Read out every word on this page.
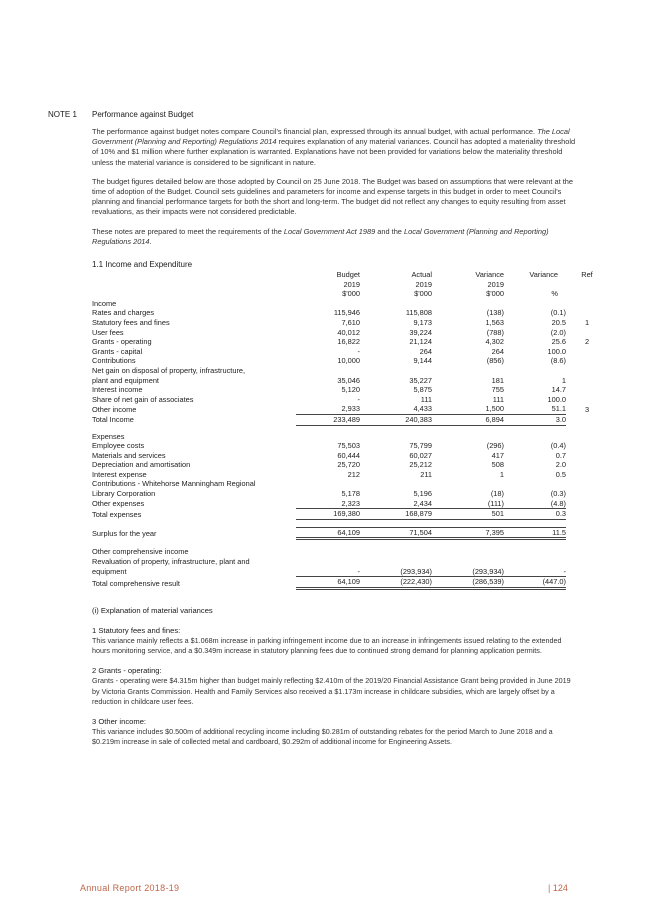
NOTE 1 Performance against Budget

The performance against budget notes compare Council's financial plan, expressed through its annual budget, with actual performance. The Local Government (Planning and Reporting) Regulations 2014 requires explanation of any material variances. Council has adopted a materiality threshold of 10% and $1 million where further explanation is warranted. Explanations have not been provided for variations below the materiality threshold unless the material variance is considered to be significant in nature.

The budget figures detailed below are those adopted by Council on 25 June 2018. The Budget was based on assumptions that were relevant at the time of adoption of the Budget. Council sets guidelines and parameters for income and expense targets in this budget in order to meet Council's planning and financial performance targets for both the short and long-term. The budget did not reflect any changes to equity resulting from asset revaluations, as their impacts were not considered predictable.

These notes are prepared to meet the requirements of the Local Government Act 1989 and the Local Government (Planning and Reporting) Regulations 2014.

1.1 Income and Expenditure
	Budget	Actual	Variance	Variance	Ref
	2019	2019	2019		
	$'000	$'000	$'000	%	
Income					
Rates and charges	115,946	115,808	(138)	(0.1)	
Statutory fees and fines	7,610	9,173	1,563	20.5	1
User fees	40,012	39,224	(788)	(2.0)	
Grants - operating	16,822	21,124	4,302	25.6	2
Grants - capital	-	264	264	100.0	
Contributions	10,000	9,144	(856)	(8.6)	
Net gain on disposal of property, infrastructure,					
plant and equipment	35,046	35,227	181	1	
Interest income	5,120	5,875	755	14.7	
Share of net gain of associates	-	111	111	100.0	
Other income	2,933	4,433	1,500	51.1	3
Total Income	233,489	240,383	6,894	3.0	

Expenses					
Employee costs	75,503	75,799	(296)	(0.4)	
Materials and services	60,444	60,027	417	0.7	
Depreciation and amortisation	25,720	25,212	508	2.0	
Interest expense	212	211	1	0.5	
Contributions - Whitehorse Manningham Regional					
Library Corporation	5,178	5,196	(18)	(0.3)	
Other expenses	2,323	2,434	(111)	(4.8)	
Total expenses	169,380	168,879	501	0.3	

Surplus for the year	64,109	71,504	7,395	11.5	

Other comprehensive income					
Revaluation of property, infrastructure, plant and					
equipment	-	(293,934)	(293,934)	-	
Total comprehensive result	64,109	(222,430)	(286,539)	(447.0)	
(i) Explanation of material variances
1 Statutory fees and fines:
This variance mainly reflects a $1.068m increase in parking infringement income due to an increase in infringements issued relating to the extended hours monitoring service, and a $0.349m increase in statutory planning fees due to continued strong demand for planning application permits.
2 Grants - operating:
Grants - operating were $4.315m higher than budget mainly reflecting $2.410m of the 2019/20 Financial Assistance Grant being provided in June 2019 by Victoria Grants Commission. Health and Family Services also received a $1.173m increase in childcare subsidies, which are largely offset by a reduction in childcare user fees.
3 Other income:
This variance includes $0.500m of additional recycling income including $0.281m of outstanding rebates for the period March to June 2018 and a $0.219m increase in sale of collected metal and cardboard, $0.292m of additional income for Engineering Assets.
Annual Report 2018-19	| 124
